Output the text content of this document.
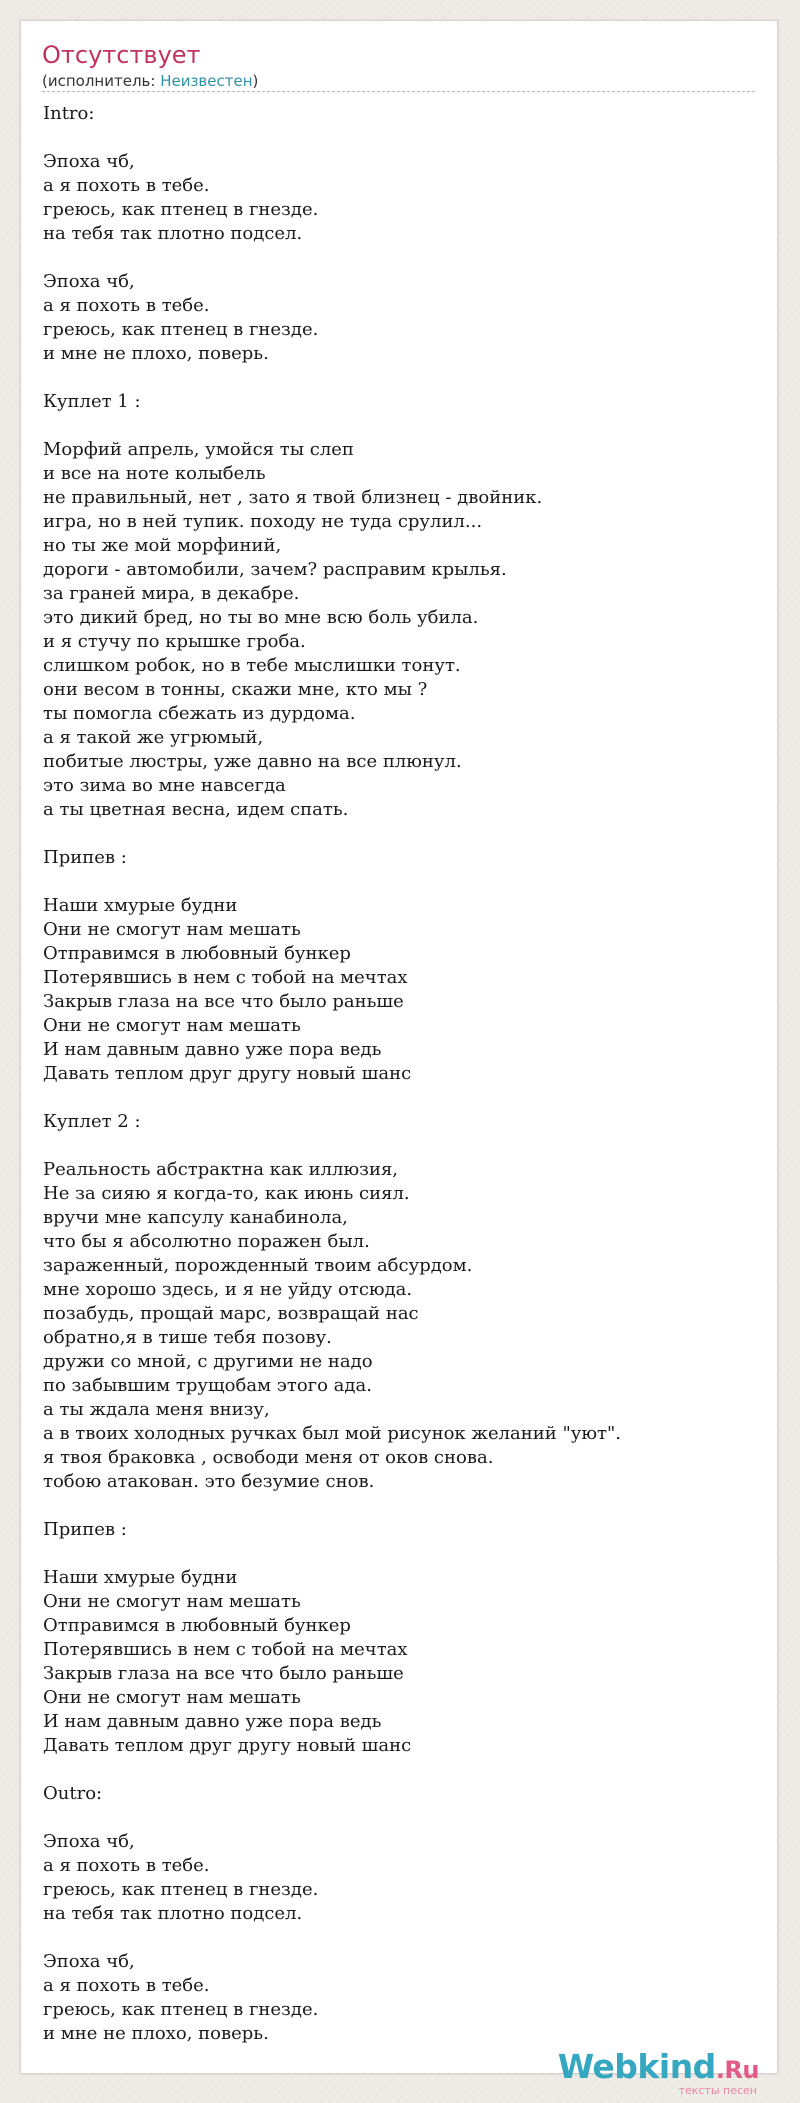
Отсутствует
(исполнитель: Неизвестен)
Intro:

Эпоха чб,
а я похоть в тебе.
греюсь, как птенец в гнезде.
на тебя так плотно подсел.

Эпоха чб,
а я похоть в тебе.
греюсь, как птенец в гнезде.
и мне не плохо, поверь.

Куплет 1 :

Морфий апрель, умойся ты слеп
и все на ноте колыбель
не правильный, нет , зато я твой близнец - двойник.
игра, но в ней тупик. походу не туда срулил...
но ты же мой морфиний,
дороги - автомобили, зачем? расправим крылья.
за граней мира, в декабре.
это дикий бред, но ты во мне всю боль убила.
и я стучу по крышке гроба.
слишком робок, но в тебе мыслишки тонут.
они весом в тонны, скажи мне, кто мы ?
ты помогла сбежать из дурдома.
а я такой же угрюмый,
побитые люстры, уже давно на все плюнул.
это зима во мне навсегда
а ты цветная весна, идем спать.

Припев :

Наши хмурые будни
Они не смогут нам мешать
Отправимся в любовный бункер
Потерявшись в нем с тобой на мечтах
Закрыв глаза на все что было раньше
Они не смогут нам мешать
И нам давным давно уже пора ведь
Давать теплом друг другу новый шанс

Куплет 2 :

Реальность абстрактна как иллюзия,
Не за сияю я когда-то, как июнь сиял.
вручи мне капсулу канабинола,
что бы я абсолютно поражен был.
зараженный, порожденный твоим абсурдом.
мне хорошо здесь, и я не уйду отсюда.
позабудь, прощай марс, возвращай нас
обратно,я в тише тебя позову.
дружи со мной, с другими не надо
по забывшим трущобам этого ада.
а ты ждала меня внизу,
а в твоих холодных ручках был мой рисунок желаний "уют".
я твоя браковка , освободи меня от оков снова.
тобою атакован. это безумие снов.

Припев :

Наши хмурые будни
Они не смогут нам мешать
Отправимся в любовный бункер
Потерявшись в нем с тобой на мечтах
Закрыв глаза на все что было раньше
Они не смогут нам мешать
И нам давным давно уже пора ведь
Давать теплом друг другу новый шанс

Outro:

Эпоха чб,
а я похоть в тебе.
греюсь, как птенец в гнезде.
на тебя так плотно подсел.

Эпоха чб,
а я похоть в тебе.
греюсь, как птенец в гнезде.
и мне не плохо, поверь.
Webkind.Ru
тексты песен
